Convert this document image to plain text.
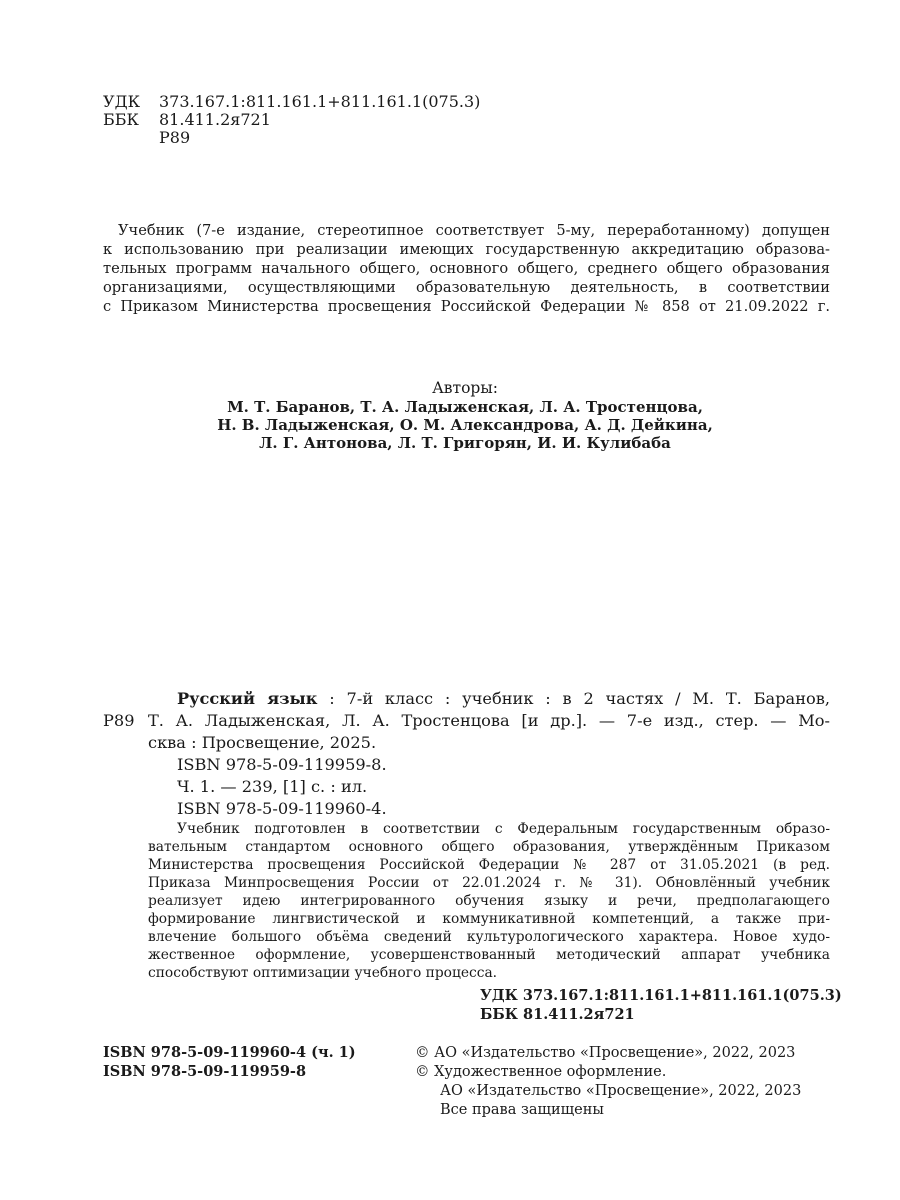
УДК 373.167.1:811.161.1+811.161.1(075.3)
ББК 81.411.2я721
Р89
Учебник (7-е издание, стереотипное соответствует 5-му, переработанному) допущен
к использованию при реализации имеющих государственную аккредитацию образова-
тельных программ начального общего, основного общего, среднего общего образования
организациями, осуществляющими образовательную деятельность, в соответствии
с Приказом Министерства просвещения Российской Федерации № 858 от 21.09.2022 г.
Авторы:
М. Т. Баранов, Т. А. Ладыженская, Л. А. Тростенцова,
Н. В. Ладыженская, О. М. Александрова, А. Д. Дейкина,
Л. Г. Антонова, Л. Т. Григорян, И. И. Кулибаба
Русский язык : 7-й класс : учебник : в 2 частях / М. Т. Баранов,
Р89 Т. А. Ладыженская, Л. А. Тростенцова [и др.]. — 7-е изд., стер. — Мо-
сква : Просвещение, 2025.
ISBN 978-5-09-119959-8.
Ч. 1. — 239, [1] с. : ил.
ISBN 978-5-09-119960-4.
Учебник подготовлен в соответствии с Федеральным государственным образо-
вательным стандартом основного общего образования, утверждённым Приказом
Министерства просвещения Российской Федерации № 287 от 31.05.2021 (в ред.
Приказа Минпросвещения России от 22.01.2024 г. № 31). Обновлённый учебник
реализует идею интегрированного обучения языку и речи, предполагающего
формирование лингвистической и коммуникативной компетенций, а также при-
влечение большого объёма сведений культурологического характера. Новое худо-
жественное оформление, усовершенствованный методический аппарат учебника
способствуют оптимизации учебного процесса.
УДК 373.167.1:811.161.1+811.161.1(075.3)
ББК 81.411.2я721
ISBN 978-5-09-119960-4 (ч. 1)
ISBN 978-5-09-119959-8
© АО «Издательство «Просвещение», 2022, 2023
© Художественное оформление.
АО «Издательство «Просвещение», 2022, 2023
Все права защищены
